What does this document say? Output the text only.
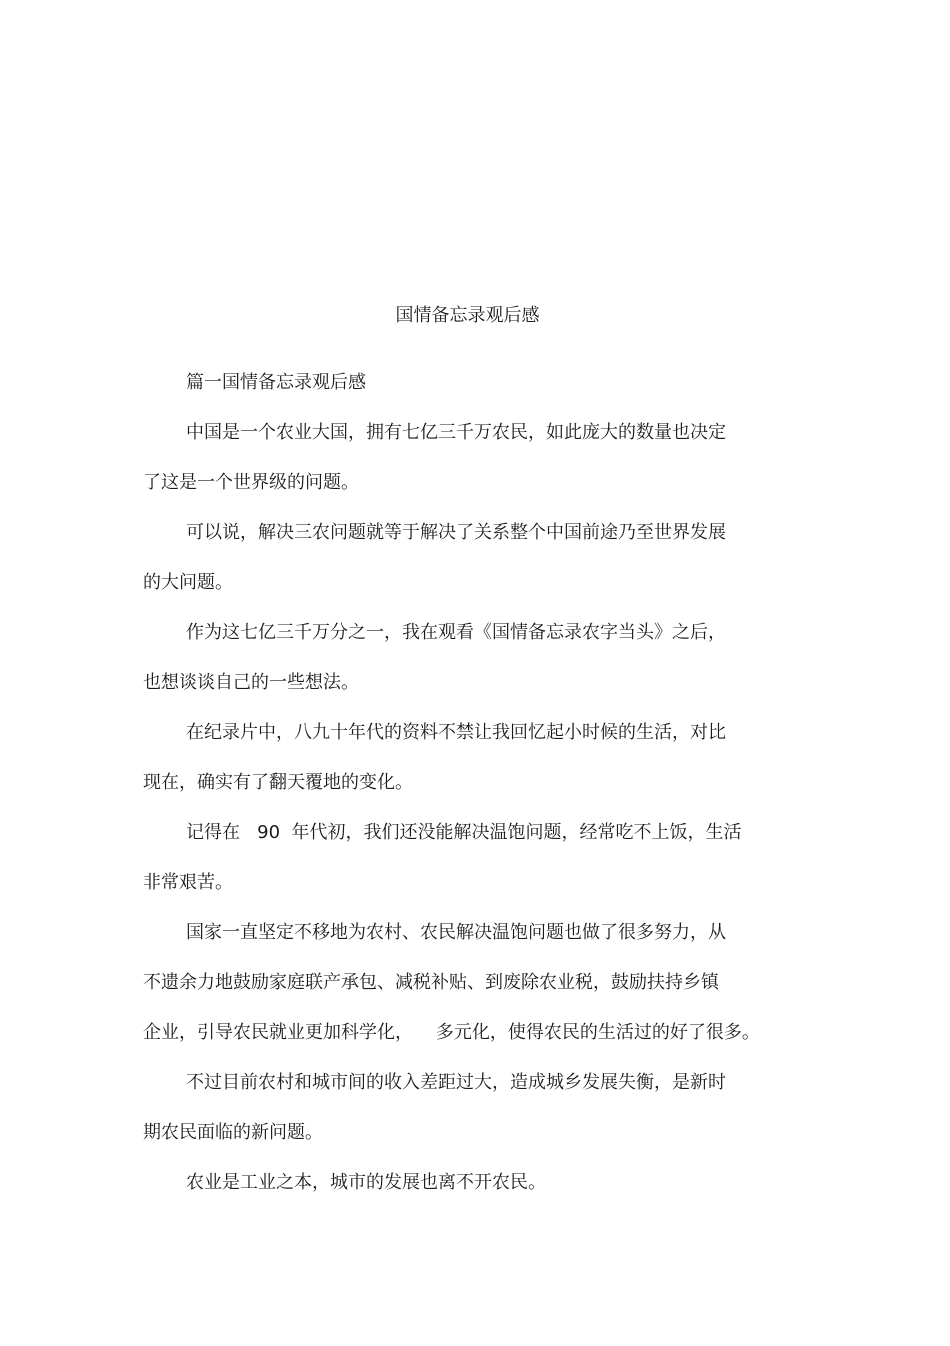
国情备忘录观后感
篇一国情备忘录观后感
中国是一个农业大国，拥有七亿三千万农民，如此庞大的数量也决定
了这是一个世界级的问题。
可以说，解决三农问题就等于解决了关系整个中国前途乃至世界发展
的大问题。
作为这七亿三千万分之一，我在观看《国情备忘录农字当头》之后，
也想谈谈自己的一些想法。
在纪录片中，八九十年代的资料不禁让我回忆起小时候的生活，对比
现在，确实有了翻天覆地的变化。
记得在   90  年代初，我们还没能解决温饱问题，经常吃不上饭，生活
非常艰苦。
国家一直坚定不移地为农村、农民解决温饱问题也做了很多努力，从
不遗余力地鼓励家庭联产承包、减税补贴、到废除农业税，鼓励扶持乡镇
企业，引导农民就业更加科学化，    多元化，使得农民的生活过的好了很多。
不过目前农村和城市间的收入差距过大，造成城乡发展失衡，是新时
期农民面临的新问题。
农业是工业之本，城市的发展也离不开农民。
